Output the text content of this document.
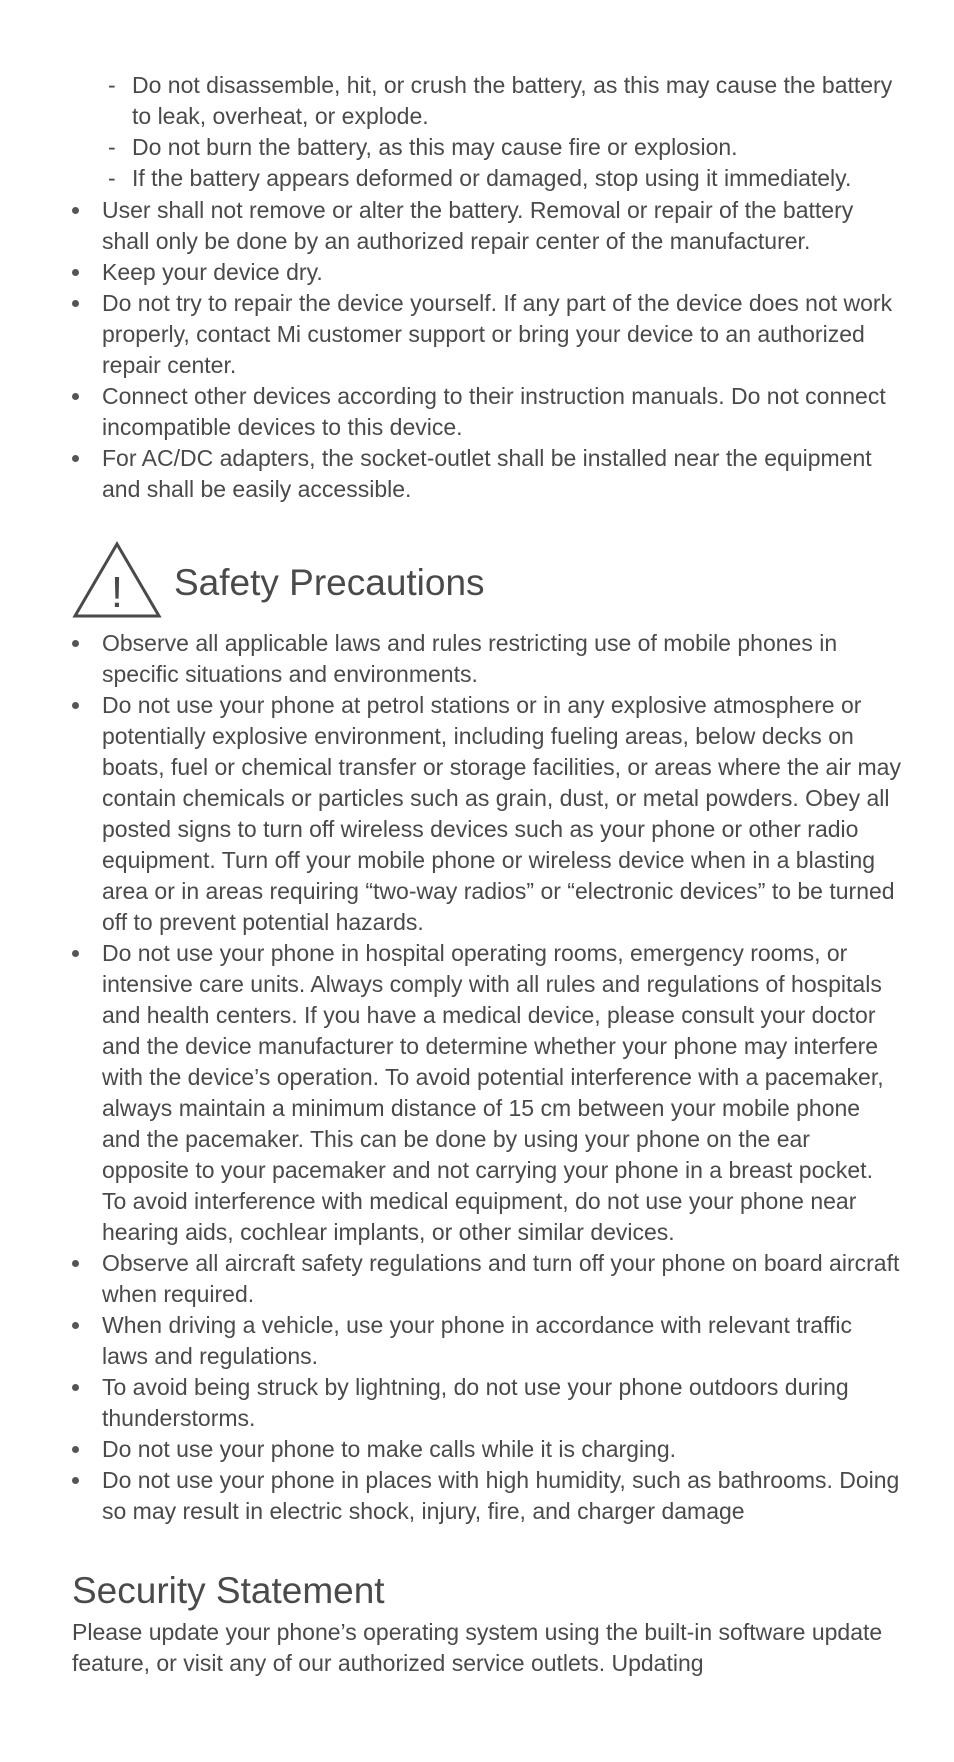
- Do not disassemble, hit, or crush the battery, as this may cause the battery to leak, overheat, or explode.
- Do not burn the battery, as this may cause fire or explosion.
- If the battery appears deformed or damaged, stop using it immediately.
User shall not remove or alter the battery. Removal or repair of the battery shall only be done by an authorized repair center of the manufacturer.
Keep your device dry.
Do not try to repair the device yourself. If any part of the device does not work properly, contact Mi customer support or bring your device to an authorized repair center.
Connect other devices according to their instruction manuals. Do not connect incompatible devices to this device.
For AC/DC adapters, the socket-outlet shall be installed near the equipment and shall be easily accessible.
! Safety Precautions
Observe all applicable laws and rules restricting use of mobile phones in specific situations and environments.
Do not use your phone at petrol stations or in any explosive atmosphere or potentially explosive environment, including fueling areas, below decks on boats, fuel or chemical transfer or storage facilities, or areas where the air may contain chemicals or particles such as grain, dust, or metal powders. Obey all posted signs to turn off wireless devices such as your phone or other radio equipment. Turn off your mobile phone or wireless device when in a blasting area or in areas requiring “two-way radios” or “electronic devices” to be turned off to prevent potential hazards.
Do not use your phone in hospital operating rooms, emergency rooms, or intensive care units. Always comply with all rules and regulations of hospitals and health centers. If you have a medical device, please consult your doctor and the device manufacturer to determine whether your phone may interfere with the device’s operation. To avoid potential interference with a pacemaker, always maintain a minimum distance of 15 cm between your mobile phone and the pacemaker. This can be done by using your phone on the ear opposite to your pacemaker and not carrying your phone in a breast pocket. To avoid interference with medical equipment, do not use your phone near hearing aids, cochlear implants, or other similar devices.
Observe all aircraft safety regulations and turn off your phone on board aircraft when required.
When driving a vehicle, use your phone in accordance with relevant traffic laws and regulations.
To avoid being struck by lightning, do not use your phone outdoors during thunderstorms.
Do not use your phone to make calls while it is charging.
Do not use your phone in places with high humidity, such as bathrooms. Doing so may result in electric shock, injury, fire, and charger damage
Security Statement
Please update your phone’s operating system using the built-in software update feature, or visit any of our authorized service outlets. Updating
